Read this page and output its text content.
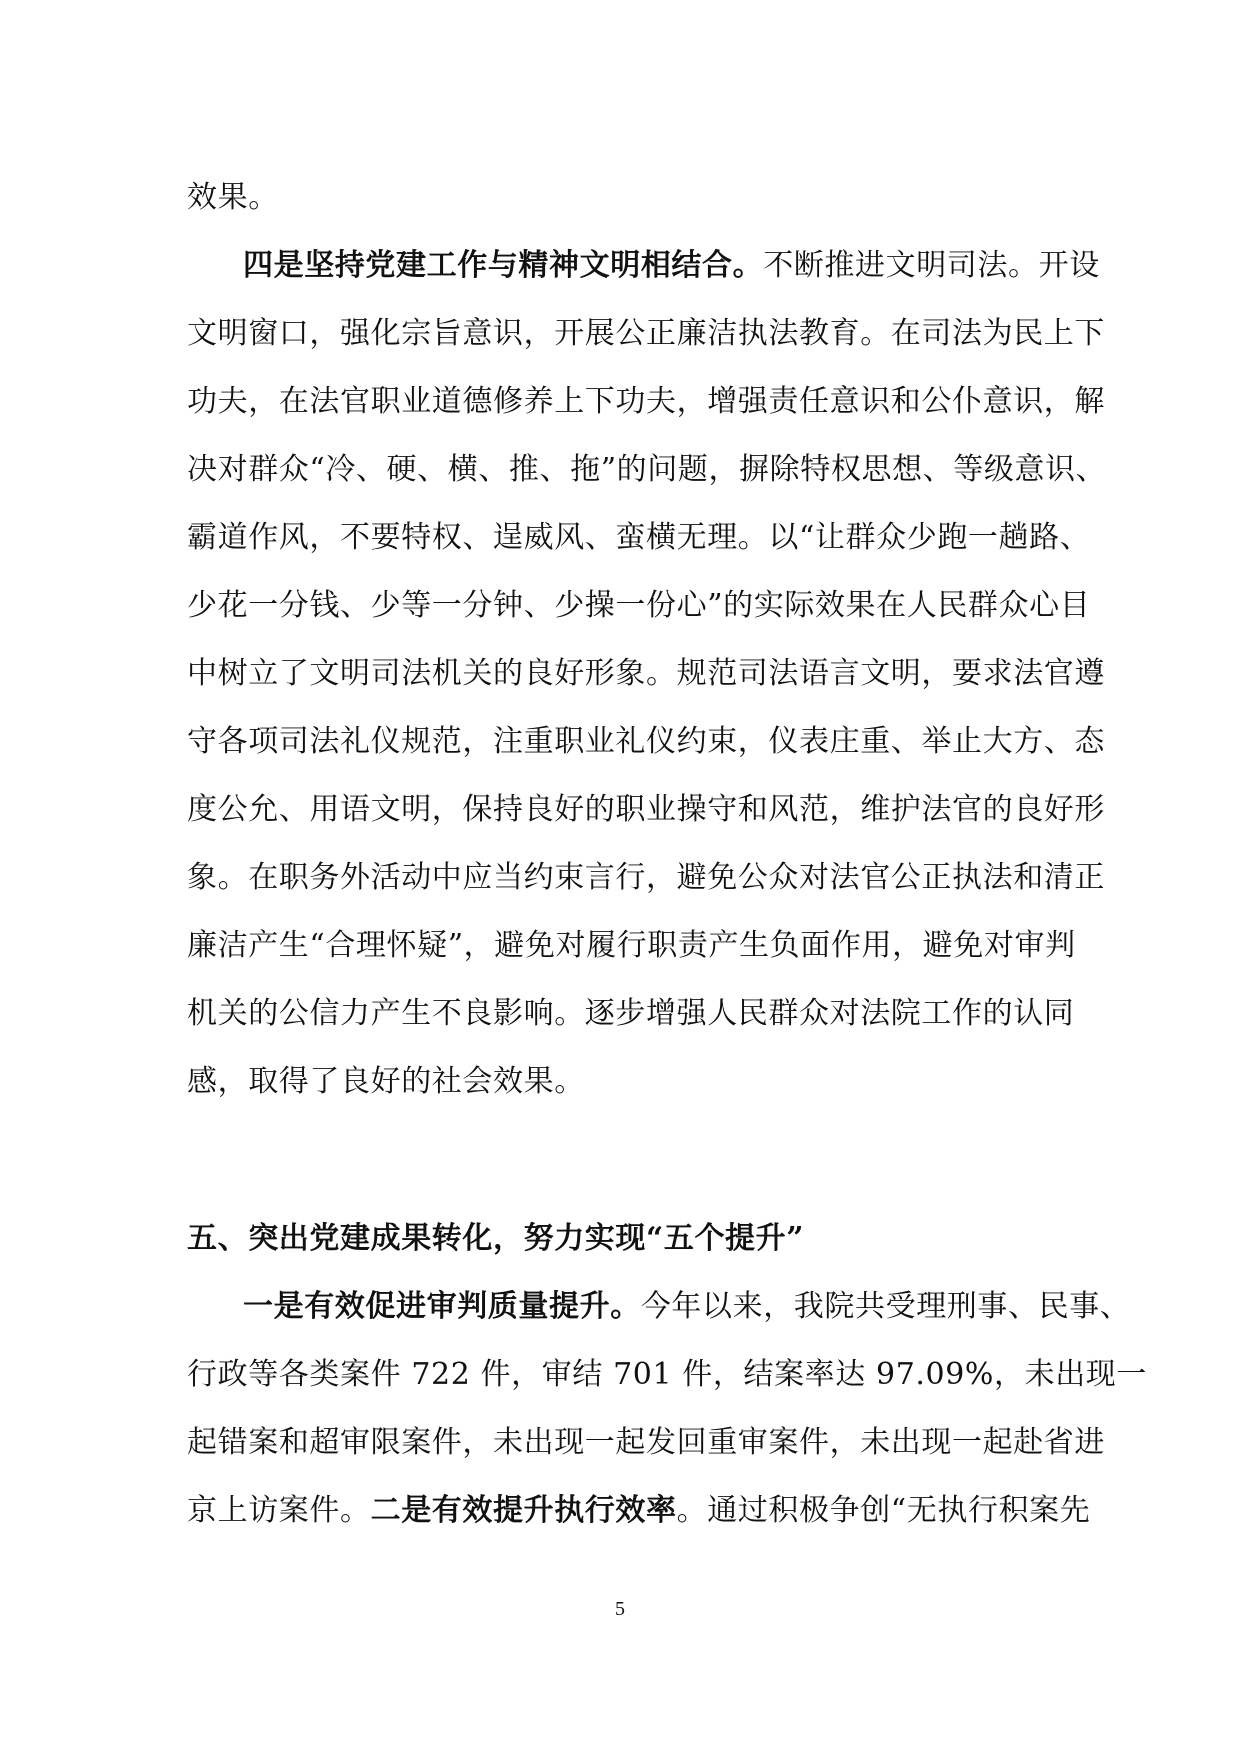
效果。
四是坚持党建工作与精神文明相结合。不断推进文明司法。开设
文明窗口，强化宗旨意识，开展公正廉洁执法教育。在司法为民上下
功夫，在法官职业道德修养上下功夫，增强责任意识和公仆意识，解
决对群众“冷、硬、横、推、拖”的问题，摒除特权思想、等级意识、
霸道作风，不要特权、逞威风、蛮横无理。以“让群众少跑一趟路、
少花一分钱、少等一分钟、少操一份心”的实际效果在人民群众心目
中树立了文明司法机关的良好形象。规范司法语言文明，要求法官遵
守各项司法礼仪规范，注重职业礼仪约束，仪表庄重、举止大方、态
度公允、用语文明，保持良好的职业操守和风范，维护法官的良好形
象。在职务外活动中应当约束言行，避免公众对法官公正执法和清正
廉洁产生“合理怀疑”，避免对履行职责产生负面作用，避免对审判
机关的公信力产生不良影响。逐步增强人民群众对法院工作的认同
感，取得了良好的社会效果。
五、突出党建成果转化，努力实现“五个提升”
一是有效促进审判质量提升。今年以来，我院共受理刑事、民事、
行政等各类案件 722 件，审结 701 件，结案率达 97.09%，未出现一
起错案和超审限案件，未出现一起发回重审案件，未出现一起赴省进
京上访案件。二是有效提升执行效率。通过积极争创“无执行积案先
5
